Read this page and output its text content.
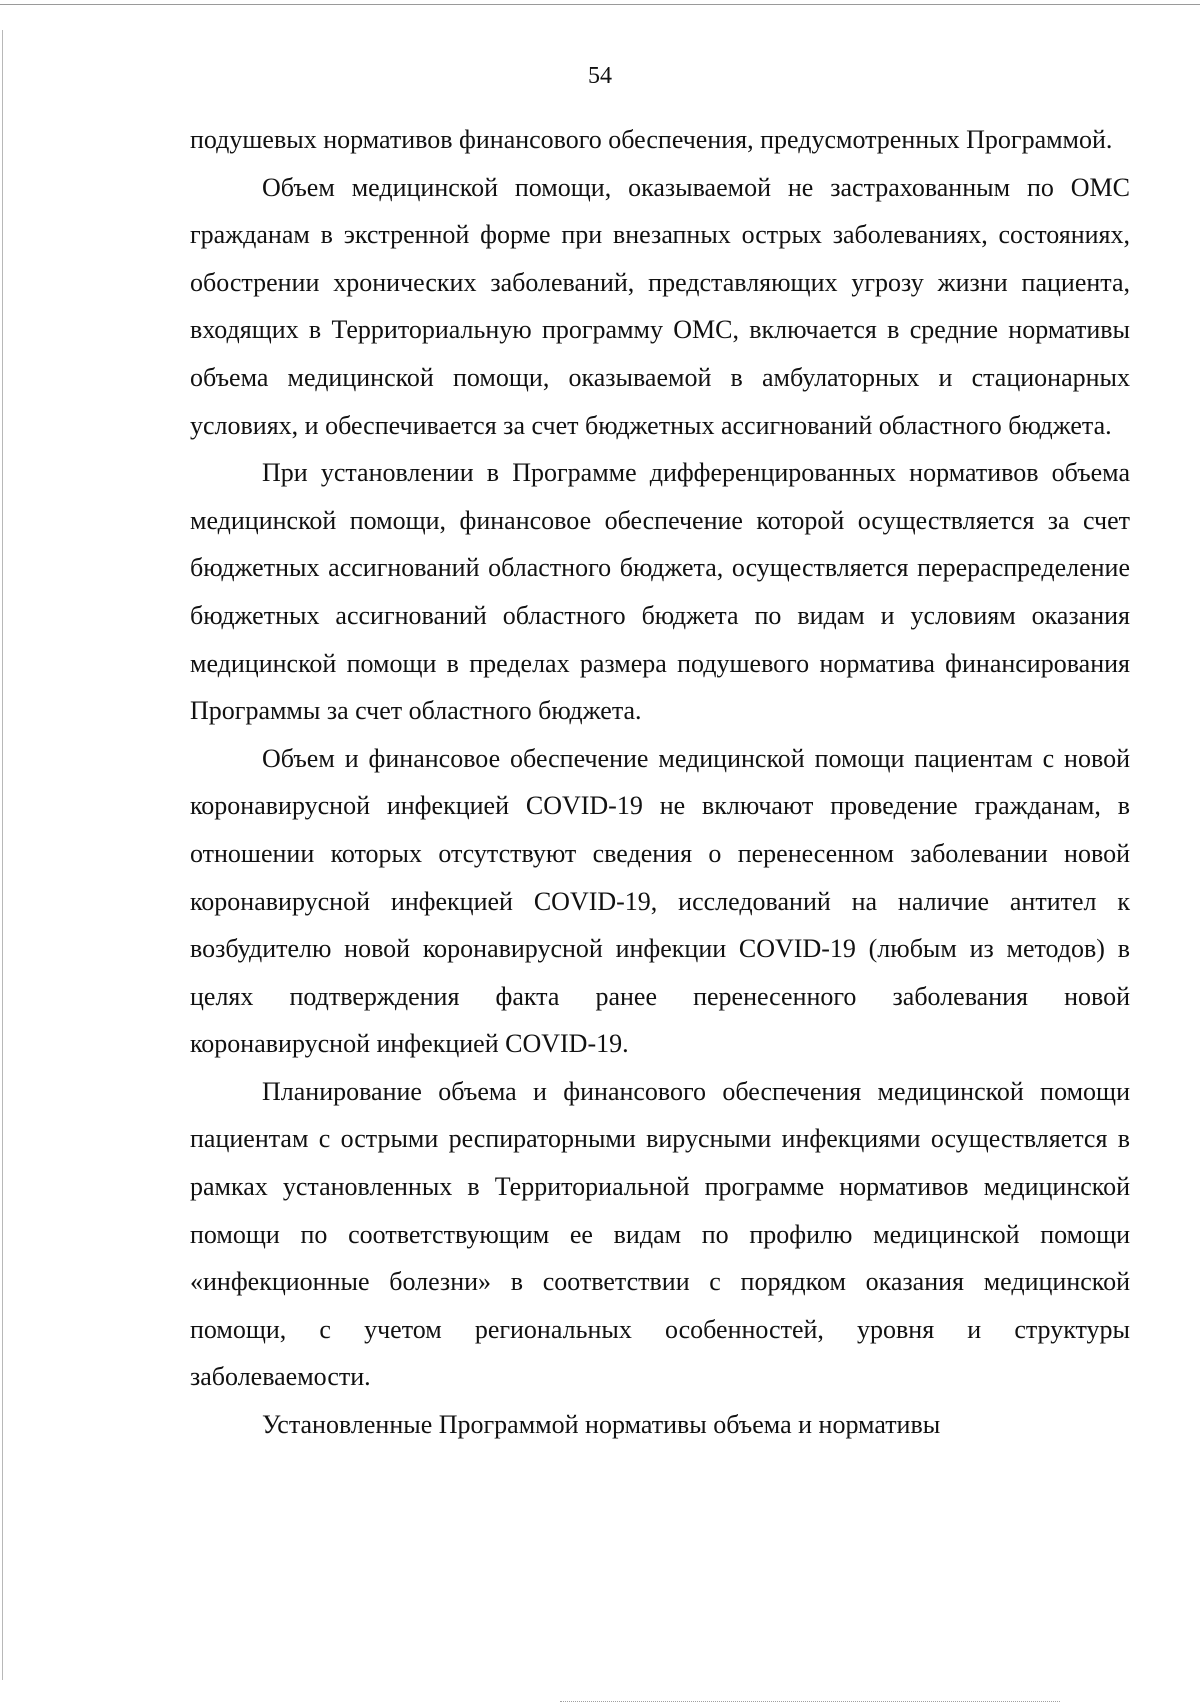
54

подушевых нормативов финансового обеспечения, предусмотренных Программой.

Объем медицинской помощи, оказываемой не застрахованным по ОМС гражданам в экстренной форме при внезапных острых заболеваниях, состояниях, обострении хронических заболеваний, представляющих угрозу жизни пациента, входящих в Территориальную программу ОМС, включается в средние нормативы объема медицинской помощи, оказываемой в амбулаторных и стационарных условиях, и обеспечивается за счет бюджетных ассигнований областного бюджета.

При установлении в Программе дифференцированных нормативов объема медицинской помощи, финансовое обеспечение которой осуществляется за счет бюджетных ассигнований областного бюджета, осуществляется перераспределение бюджетных ассигнований областного бюджета по видам и условиям оказания медицинской помощи в пределах размера подушевого норматива финансирования Программы за счет областного бюджета.

Объем и финансовое обеспечение медицинской помощи пациентам с новой коронавирусной инфекцией COVID-19 не включают проведение гражданам, в отношении которых отсутствуют сведения о перенесенном заболевании новой коронавирусной инфекцией COVID-19, исследований на наличие антител к возбудителю новой коронавирусной инфекции COVID-19 (любым из методов) в целях подтверждения факта ранее перенесенного заболевания новой коронавирусной инфекцией COVID-19.

Планирование объема и финансового обеспечения медицинской помощи пациентам с острыми респираторными вирусными инфекциями осуществляется в рамках установленных в Территориальной программе нормативов медицинской помощи по соответствующим ее видам по профилю медицинской помощи «инфекционные болезни» в соответствии с порядком оказания медицинской помощи, с учетом региональных особенностей, уровня и структуры заболеваемости.

Установленные Программой нормативы объема и нормативы
